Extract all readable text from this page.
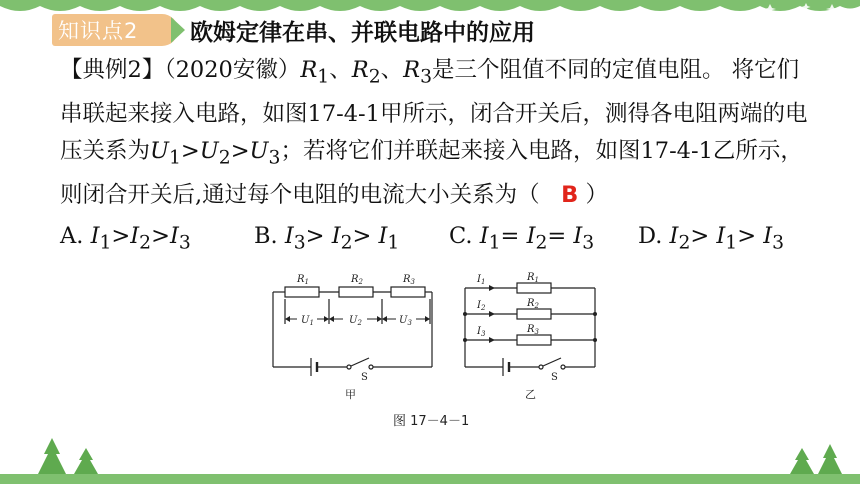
知识点2 欧姆定律在串、并联电路中的应用
【典例2】（2020安徽）$R_1$、$R_2$、$R_3$是三个阻值不同的定值电阻。 将它们串联起来接入电路，如图17-4-1甲所示，闭合开关后，测得各电阻两端的电压关系为$U_1>U_2>U_3$；若将它们并联起来接入电路，如图17-4-1乙所示，则闭合开关后,通过每个电阻的电流大小关系为（ B ）
A. $I_1>I_2>I_3$	B. $I_3> I_2> I_1$ C. $I_1= I_2= I_3$ D. $I_2> I_1> I_3$
$R_1$	$R_2$	$R_3$
$U_1$	$U_2$	$U_3$
S
甲
$I_1$	$R_1$
$I_2$	$R_2$
$I_3$	$R_3$
S
乙
图 17－4－1
